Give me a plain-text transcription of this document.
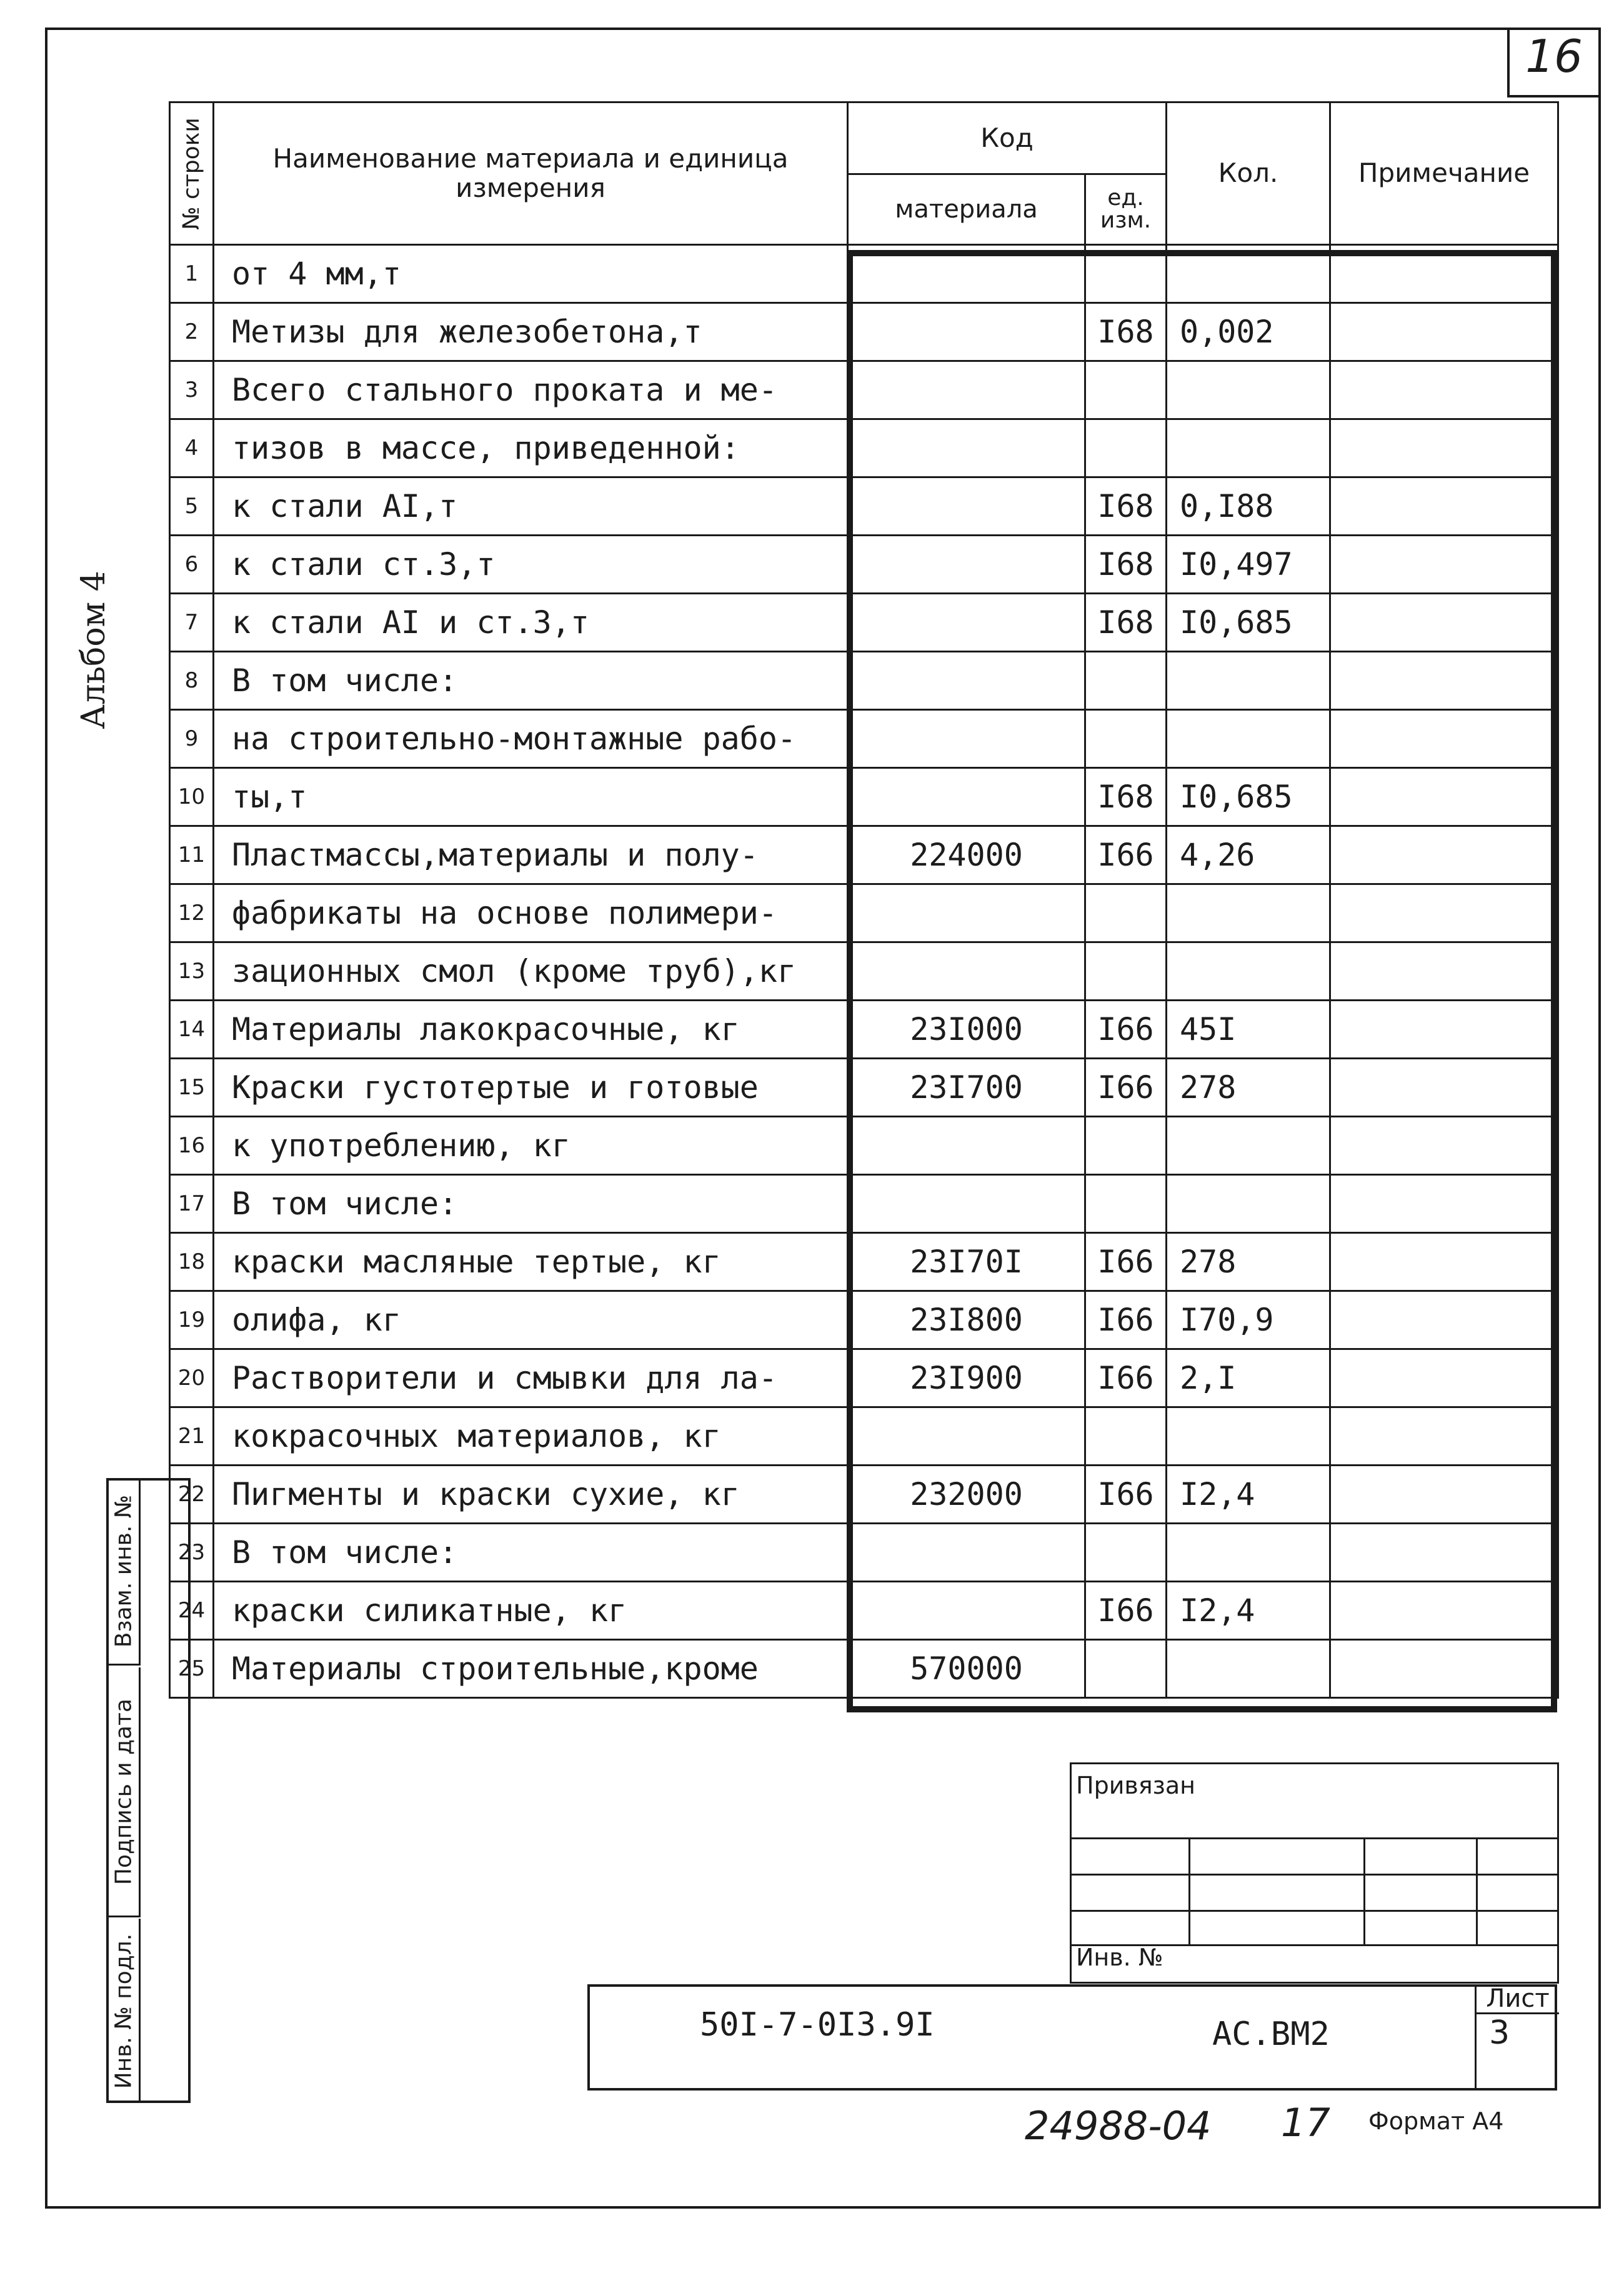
16
Альбом 4
Взам. инв. №
Подпись и дата
Инв. № подл.
№ строки	Наименование материала и единица измерения	Код		Кол.	Примечание
		материала	ед. изм.		
1	от 4 мм,т				
2	Метизы для железобетона,т		I68	0,002	
3	Всего стального проката и ме-				
4	тизов в массе, приведенной:				
5	к стали AI,т		I68	0,I88	
6	к стали ст.3,т		I68	I0,497	
7	к стали AI и ст.3,т		I68	I0,685	
8	В том числе:				
9	на строительно-монтажные рабо-				
10	ты,т		I68	I0,685	
11	Пластмассы,материалы и полу-	224000	I66	4,26	
12	фабрикаты на основе полимери-				
13	зационных смол (кроме труб),кг				
14	Материалы лакокрасочные, кг	23I000	I66	45I	
15	Краски густотертые и готовые	23I700	I66	278	
16	к употреблению, кг				
17	В том числе:				
18	краски масляные тертые, кг	23I70I	I66	278	
19	олифа, кг	23I800	I66	I70,9	
20	Растворители и смывки для ла-	23I900	I66	2,I	
21	кокрасочных материалов, кг				
22	Пигменты и краски сухие, кг	232000	I66	I2,4	
23	В том числе:				
24	краски силикатные, кг		I66	I2,4	
25	Материалы строительные,кроме	570000			

Привязан
Инв. №
50I-7-0I3.9I	АС.ВМ2
Лист
3
24988-04 17 Формат А4
